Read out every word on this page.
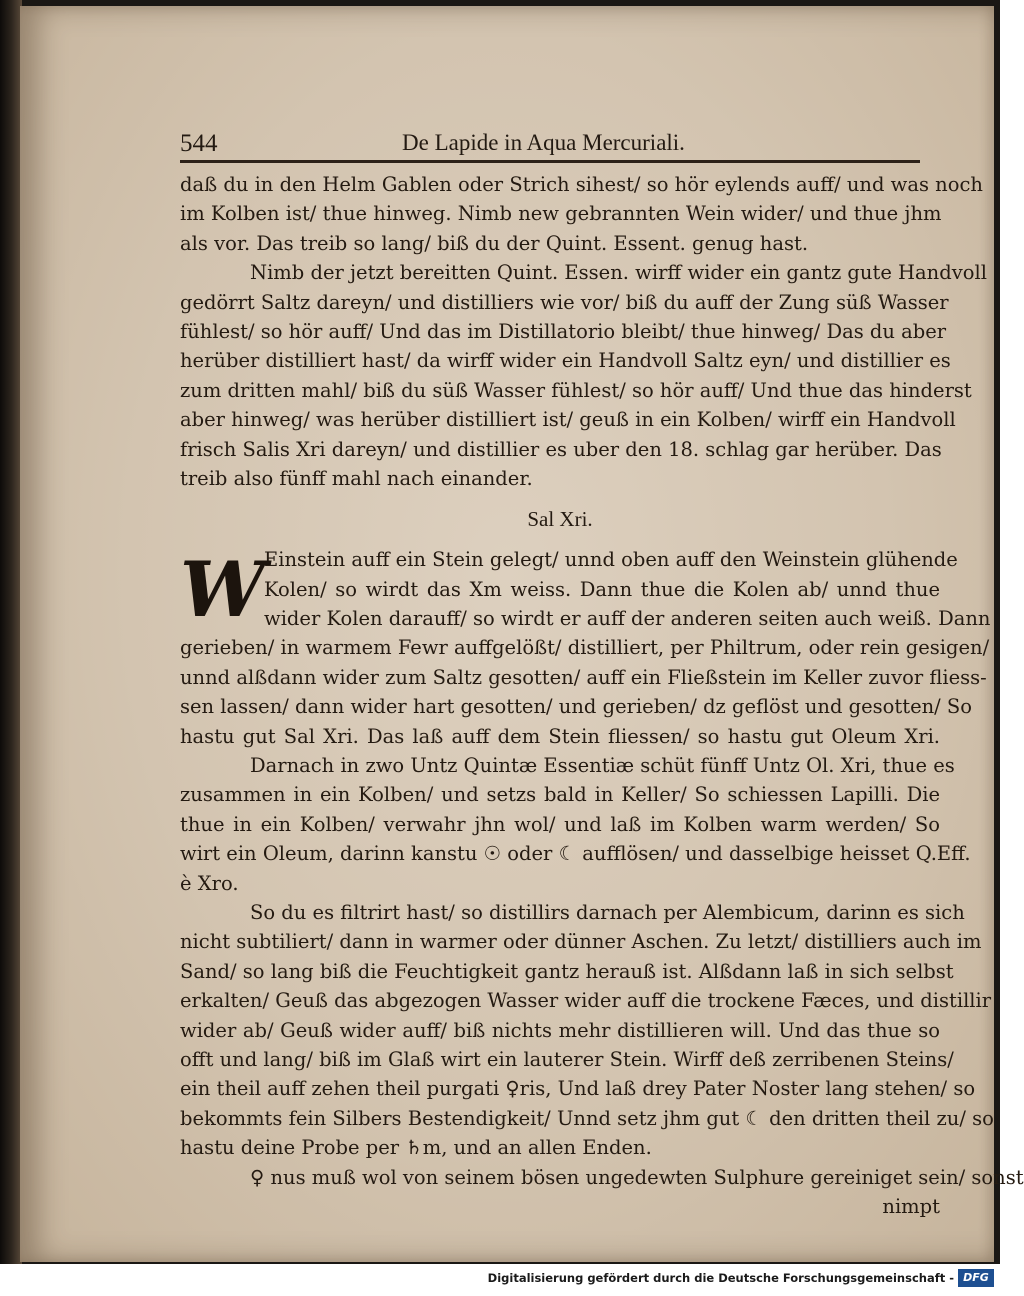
544	De Lapide in Aqua Mercuriali.
daß du in den Helm Gablen oder Strich sihest/ so hör eylends auff/ und was noch
im Kolben ist/ thue hinweg. Nimb new gebrannten Wein wider/ und thue jhm
als vor. Das treib so lang/ biß du der Quint. Essent. genug hast.
Nimb der jetzt bereitten Quint. Essen. wirff wider ein gantz gute Handvoll
gedörrt Saltz dareyn/ und distilliers wie vor/ biß du auff der Zung süß Wasser
fühlest/ so hör auff/ Und das im Distillatorio bleibt/ thue hinweg/ Das du aber
herüber distilliert hast/ da wirff wider ein Handvoll Saltz eyn/ und distillier es
zum dritten mahl/ biß du süß Wasser fühlest/ so hör auff/ Und thue das hinderst
aber hinweg/ was herüber distilliert ist/ geuß in ein Kolben/ wirff ein Handvoll
frisch Salis Xri dareyn/ und distillier es uber den 18. schlag gar herüber. Das
treib also fünff mahl nach einander.
Sal Xri.
W
Einstein auff ein Stein gelegt/ unnd oben auff den Weinstein glühende
Kolen/ so wirdt das Xm weiss. Dann thue die Kolen ab/ unnd thue
wider Kolen darauff/ so wirdt er auff der anderen seiten auch weiß. Dann
gerieben/ in warmem Fewr auffgelößt/ distilliert, per Philtrum, oder rein gesigen/
unnd alßdann wider zum Saltz gesotten/ auff ein Fließstein im Keller zuvor fliess-
sen lassen/ dann wider hart gesotten/ und gerieben/ dz geflöst und gesotten/ So
hastu gut Sal Xri. Das laß auff dem Stein fliessen/ so hastu gut Oleum Xri.
Darnach in zwo Untz Quintæ Essentiæ schüt fünff Untz Ol. Xri, thue es
zusammen in ein Kolben/ und setzs bald in Keller/ So schiessen Lapilli. Die
thue in ein Kolben/ verwahr jhn wol/ und laß im Kolben warm werden/ So
wirt ein Oleum, darinn kanstu ☉ oder ☾ aufflösen/ und dasselbige heisset Q.Eff.
è Xro.
So du es filtrirt hast/ so distillirs darnach per Alembicum, darinn es sich
nicht subtiliert/ dann in warmer oder dünner Aschen. Zu letzt/ distilliers auch im
Sand/ so lang biß die Feuchtigkeit gantz herauß ist. Alßdann laß in sich selbst
erkalten/ Geuß das abgezogen Wasser wider auff die trockene Fæces, und distillir
wider ab/ Geuß wider auff/ biß nichts mehr distillieren will. Und das thue so
offt und lang/ biß im Glaß wirt ein lauterer Stein. Wirff deß zerribenen Steins/
ein theil auff zehen theil purgati ♀ris, Und laß drey Pater Noster lang stehen/ so
bekommts fein Silbers Bestendigkeit/ Unnd setz jhm gut ☾ den dritten theil zu/ so
hastu deine Probe per ♄m, und an allen Enden.
♀ nus muß wol von seinem bösen ungedewten Sulphure gereiniget sein/ sonst
nimpt
Digitalisierung gefördert durch die Deutsche Forschungsgemeinschaft - DFG
